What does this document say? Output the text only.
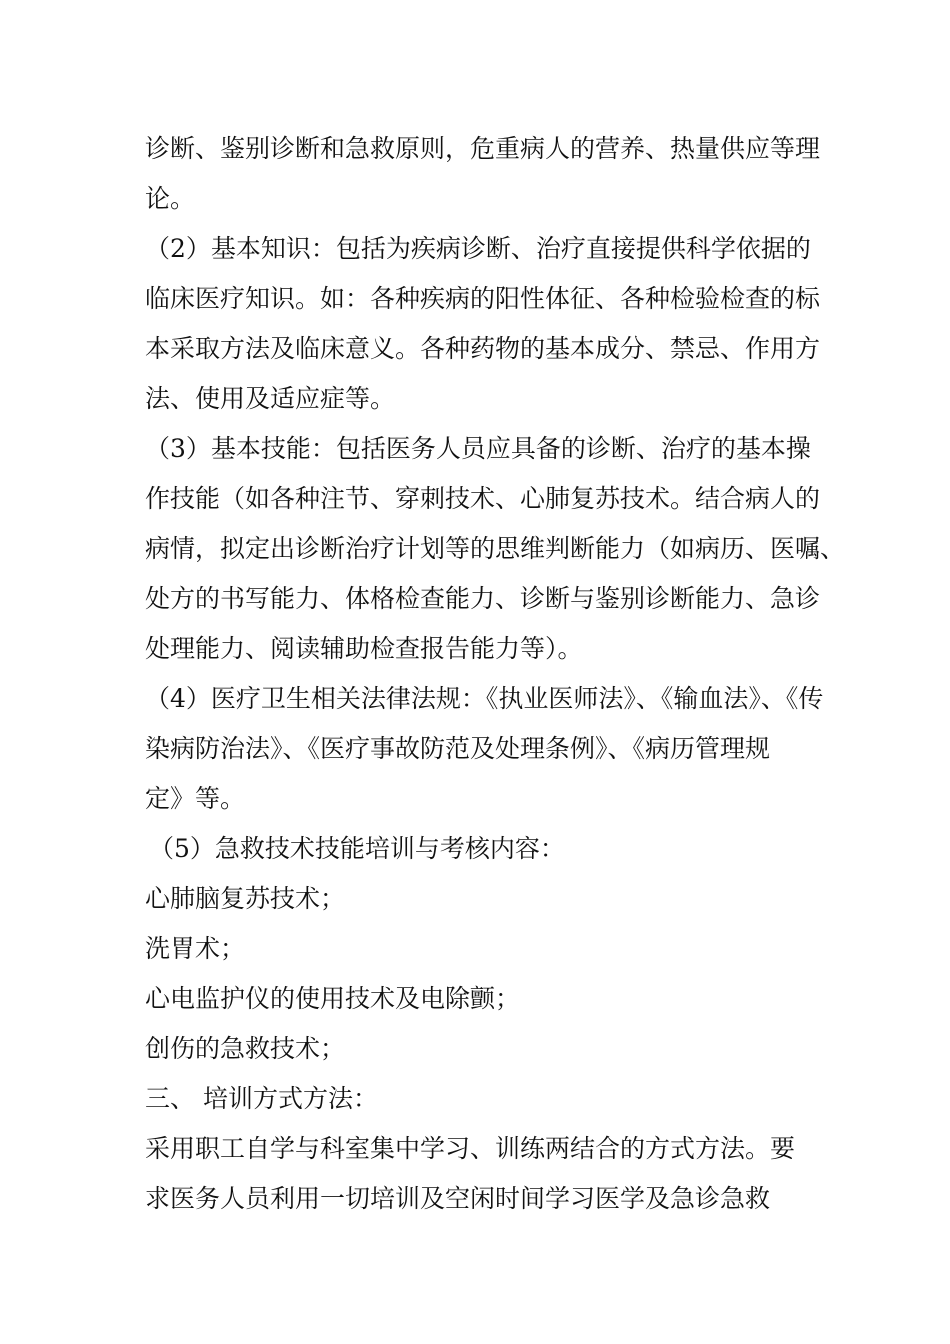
诊断、鉴别诊断和急救原则，危重病人的营养、热量供应等理
论。
（2）基本知识：包括为疾病诊断、治疗直接提供科学依据的
临床医疗知识。如：各种疾病的阳性体征、各种检验检查的标
本采取方法及临床意义。各种药物的基本成分、禁忌、作用方
法、使用及适应症等。
（3）基本技能：包括医务人员应具备的诊断、治疗的基本操
作技能（如各种注节、穿刺技术、心肺复苏技术。结合病人的
病情，拟定出诊断治疗计划等的思维判断能力（如病历、医嘱、
处方的书写能力、体格检查能力、诊断与鉴别诊断能力、急诊
处理能力、阅读辅助检查报告能力等）。
（4）医疗卫生相关法律法规：《执业医师法》、《输血法》、《传
染病防治法》、《医疗事故防范及处理条例》、《病历管理规
定》等。
（5）急救技术技能培训与考核内容：
心肺脑复苏技术；
洗胃术；
心电监护仪的使用技术及电除颤；
创伤的急救技术；
三、 培训方式方法：
采用职工自学与科室集中学习、训练两结合的方式方法。要
求医务人员利用一切培训及空闲时间学习医学及急诊急救
